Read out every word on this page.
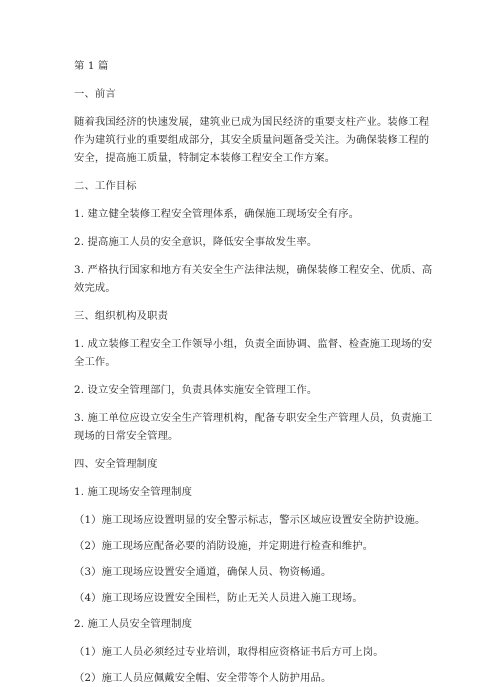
第 1 篇

一、前言

随着我国经济的快速发展，建筑业已成为国民经济的重要支柱产业。装修工程作为建筑行业的重要组成部分，其安全质量问题备受关注。为确保装修工程的安全，提高施工质量，特制定本装修工程安全工作方案。

二、工作目标

1. 建立健全装修工程安全管理体系，确保施工现场安全有序。

2. 提高施工人员的安全意识，降低安全事故发生率。

3. 严格执行国家和地方有关安全生产法律法规，确保装修工程安全、优质、高效完成。

三、组织机构及职责

1. 成立装修工程安全工作领导小组，负责全面协调、监督、检查施工现场的安全工作。

2. 设立安全管理部门，负责具体实施安全管理工作。

3. 施工单位应设立安全生产管理机构，配备专职安全生产管理人员，负责施工现场的日常安全管理。

四、安全管理制度

1. 施工现场安全管理制度

（1）施工现场应设置明显的安全警示标志，警示区域应设置安全防护设施。

（2）施工现场应配备必要的消防设施，并定期进行检查和维护。

（3）施工现场应设置安全通道，确保人员、物资畅通。

（4）施工现场应设置安全围栏，防止无关人员进入施工现场。

2. 施工人员安全管理制度

（1）施工人员必须经过专业培训，取得相应资格证书后方可上岗。

（2）施工人员应佩戴安全帽、安全带等个人防护用品。
